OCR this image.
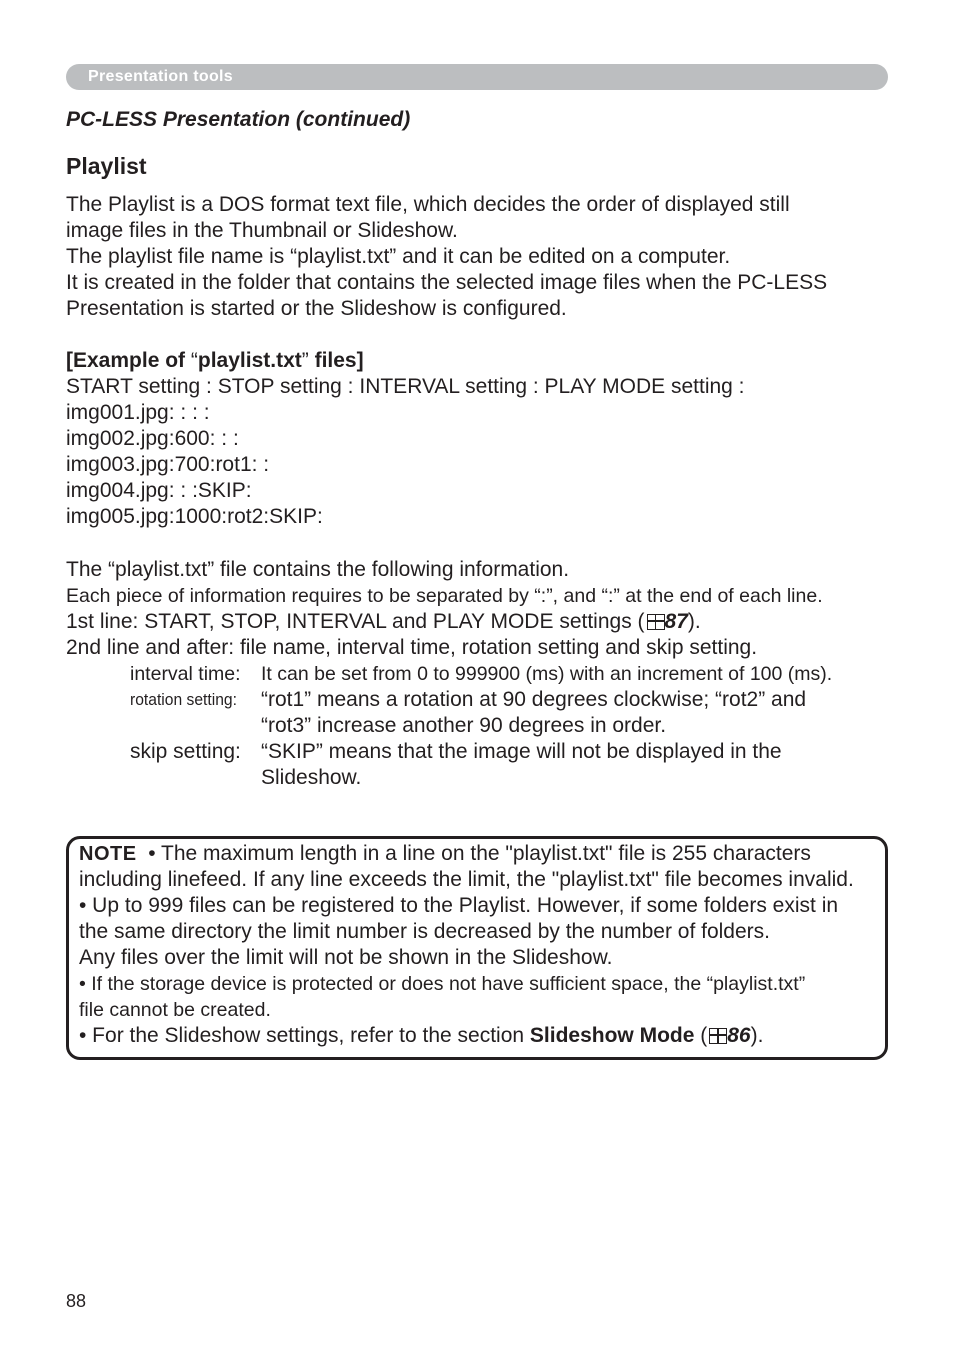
Presentation tools
PC-LESS Presentation (continued)
Playlist
The Playlist is a DOS format text file, which decides the order of displayed still
image files in the Thumbnail or Slideshow.
The playlist file name is “playlist.txt” and it can be edited on a computer.
It is created in the folder that contains the selected image files when the PC-LESS
Presentation is started or the Slideshow is configured.
[Example of “playlist.txt” files]
START setting : STOP setting : INTERVAL setting : PLAY MODE setting :
img001.jpg: : : :
img002.jpg:600: : :
img003.jpg:700:rot1: :
img004.jpg: : :SKIP:
img005.jpg:1000:rot2:SKIP:
The “playlist.txt” file contains the following information.
Each piece of information requires to be separated by “:”, and “:” at the end of each line.
1st line: START, STOP, INTERVAL and PLAY MODE settings ( 87).
2nd line and after: file name, interval time, rotation setting and skip setting.
interval time: It can be set from 0 to 999900 (ms) with an increment of 100 (ms).
rotation setting: “rot1” means a rotation at 90 degrees clockwise; “rot2” and
“rot3” increase another 90 degrees in order.
skip setting: “SKIP” means that the image will not be displayed in the
Slideshow.
NOTE • The maximum length in a line on the "playlist.txt" file is 255 characters
including linefeed. If any line exceeds the limit, the "playlist.txt" file becomes invalid.
• Up to 999 files can be registered to the Playlist. However, if some folders exist in
the same directory the limit number is decreased by the number of folders.
Any files over the limit will not be shown in the Slideshow.
• If the storage device is protected or does not have sufficient space, the “playlist.txt”
file cannot be created.
• For the Slideshow settings, refer to the section Slideshow Mode ( 86).
88
